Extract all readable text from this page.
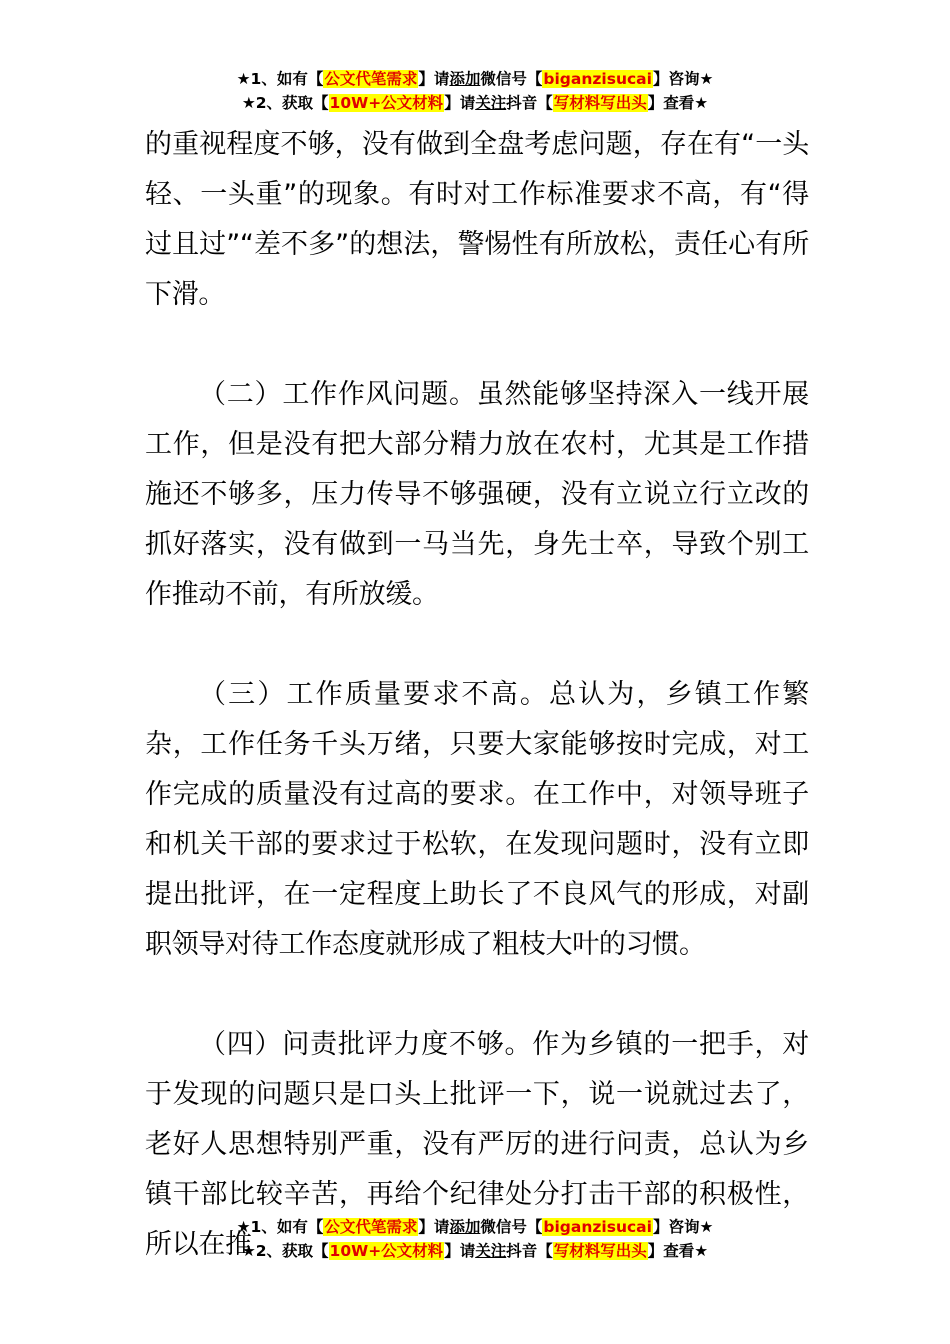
★1、如有【公文代笔需求】请添加微信号【biganzisucai】咨询★
★2、获取【10W+公文材料】请关注抖音【写材料写出头】查看★

的重视程度不够，没有做到全盘考虑问题，存在有“一头轻、一头重”的现象。有时对工作标准要求不高，有“得过且过”“差不多”的想法，警惕性有所放松，责任心有所下滑。

（二）工作作风问题。虽然能够坚持深入一线开展工作，但是没有把大部分精力放在农村，尤其是工作措施还不够多，压力传导不够强硬，没有立说立行立改的抓好落实，没有做到一马当先，身先士卒，导致个别工作推动不前，有所放缓。

（三）工作质量要求不高。总认为，乡镇工作繁杂，工作任务千头万绪，只要大家能够按时完成，对工作完成的质量没有过高的要求。在工作中，对领导班子和机关干部的要求过于松软，在发现问题时，没有立即提出批评，在一定程度上助长了不良风气的形成，对副职领导对待工作态度就形成了粗枝大叶的习惯。

（四）问责批评力度不够。作为乡镇的一把手，对于发现的问题只是口头上批评一下，说一说就过去了，老好人思想特别严重，没有严厉的进行问责，总认为乡镇干部比较辛苦，再给个纪律处分打击干部的积极性，所以在推

★1、如有【公文代笔需求】请添加微信号【biganzisucai】咨询★
★2、获取【10W+公文材料】请关注抖音【写材料写出头】查看★
